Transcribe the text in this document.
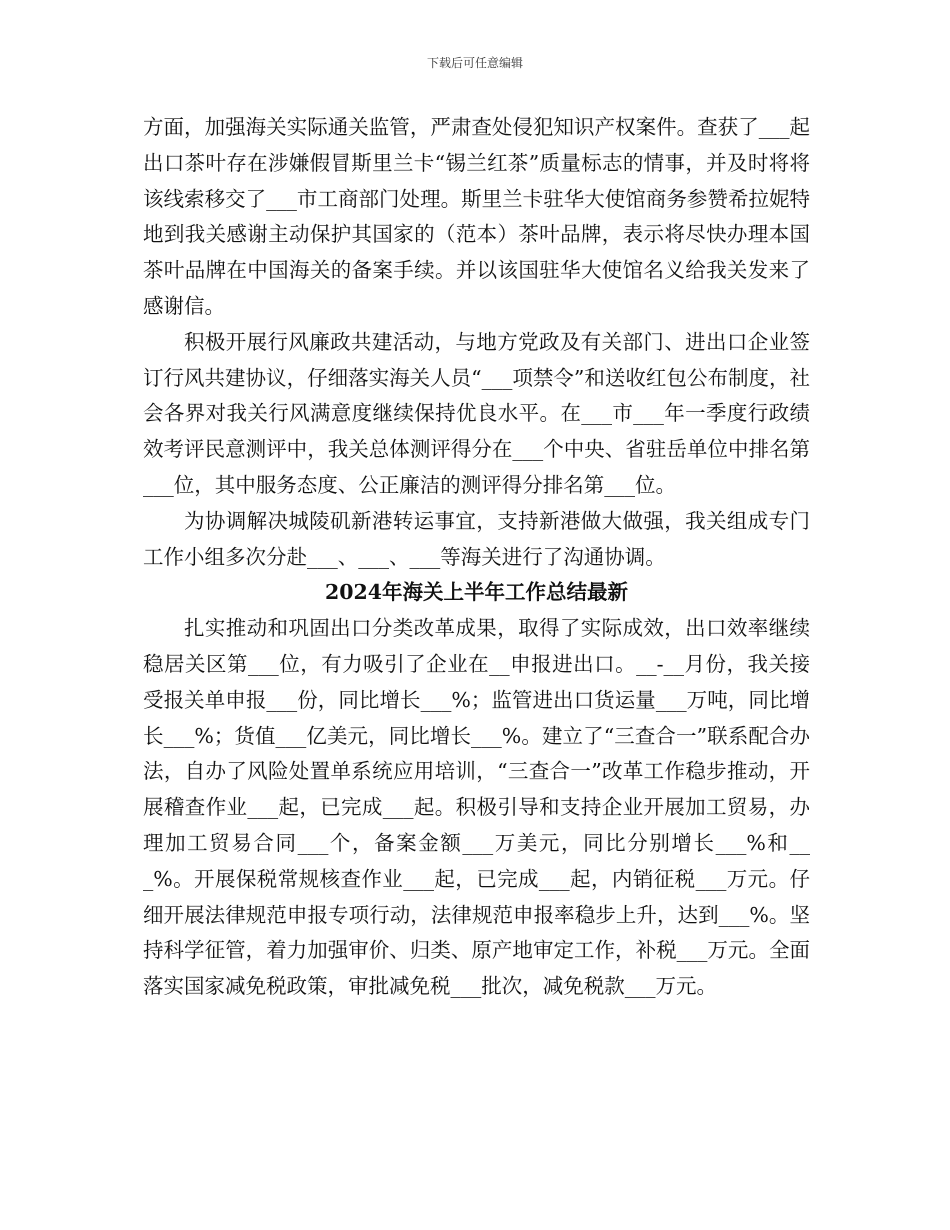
下载后可任意编辑

方面，加强海关实际通关监管，严肃查处侵犯知识产权案件。查获了___起出口茶叶存在涉嫌假冒斯里兰卡“锡兰红茶”质量标志的情事，并及时将将该线索移交了___市工商部门处理。斯里兰卡驻华大使馆商务参赞希拉妮特地到我关感谢主动保护其国家的（范本）茶叶品牌，表示将尽快办理本国茶叶品牌在中国海关的备案手续。并以该国驻华大使馆名义给我关发来了感谢信。

积极开展行风廉政共建活动，与地方党政及有关部门、进出口企业签订行风共建协议，仔细落实海关人员“___项禁令”和送收红包公布制度，社会各界对我关行风满意度继续保持优良水平。在___市___年一季度行政绩效考评民意测评中，我关总体测评得分在___个中央、省驻岳单位中排名第___位，其中服务态度、公正廉洁的测评得分排名第___位。

为协调解决城陵矶新港转运事宜，支持新港做大做强，我关组成专门工作小组多次分赴___、___、___等海关进行了沟通协调。

2024年海关上半年工作总结最新

扎实推动和巩固出口分类改革成果，取得了实际成效，出口效率继续稳居关区第___位，有力吸引了企业在__申报进出口。__-__月份，我关接受报关单申报___份，同比增长___%；监管进出口货运量___万吨，同比增长___%；货值___亿美元，同比增长___%。建立了“三查合一”联系配合办法，自办了风险处置单系统应用培训，“三查合一”改革工作稳步推动，开展稽查作业___起，已完成___起。积极引导和支持企业开展加工贸易，办理加工贸易合同___个，备案金额___万美元，同比分别增长___%和___%。开展保税常规核查作业___起，已完成___起，内销征税___万元。仔细开展法律规范申报专项行动，法律规范申报率稳步上升，达到___%。坚持科学征管，着力加强审价、归类、原产地审定工作，补税___万元。全面落实国家减免税政策，审批减免税___批次，减免税款___万元。
